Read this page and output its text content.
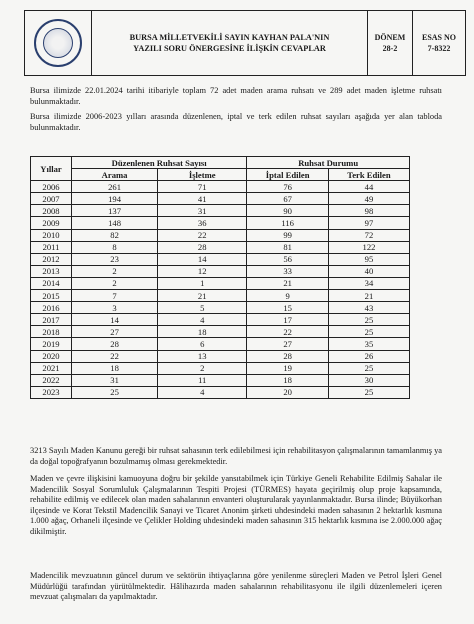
BURSA MİLLETVEKİLİ SAYIN KAYHAN PALA'NIN
YAZILI SORU ÖNERGESİNE İLİŞKİN CEVAPLAR
DÖNEM
28-2
ESAS NO
7-8322

Bursa ilimizde 22.01.2024 tarihi itibariyle toplam 72 adet maden arama ruhsatı ve 289 adet maden işletme ruhsatı bulunmaktadır.

Bursa ilimizde 2006-2023 yılları arasında düzenlenen, iptal ve terk edilen ruhsat sayıları aşağıda yer alan tabloda bulunmaktadır.

Yıllar	Düzenlenen Ruhsat Sayısı		Ruhsat Durumu	
	Arama	İşletme	İptal Edilen	Terk Edilen
2006	261	71	76	44
2007	194	41	67	49
2008	137	31	90	98
2009	148	36	116	97
2010	82	22	99	72
2011	8	28	81	122
2012	23	14	56	95
2013	2	12	33	40
2014	2	1	21	34
2015	7	21	9	21
2016	3	5	15	43
2017	14	4	17	25
2018	27	18	22	25
2019	28	6	27	35
2020	22	13	28	26
2021	18	2	19	25
2022	31	11	18	30
2023	25	4	20	25

3213 Sayılı Maden Kanunu gereği bir ruhsat sahasının terk edilebilmesi için rehabilitasyon çalışmalarının tamamlanmış ya da doğal topoğrafyanın bozulmamış olması gerekmektedir.

Maden ve çevre ilişkisini kamuoyuna doğru bir şekilde yansıtabilmek için Türkiye Geneli Rehabilite Edilmiş Sahalar ile Madencilik Sosyal Sorumluluk Çalışmalarının Tespiti Projesi (TÜRMES) hayata geçirilmiş olup proje kapsamında, rehabilite edilmiş ve edilecek olan maden sahalarının envanteri oluşturularak yayınlanmaktadır. Bursa ilinde; Büyükorhan ilçesinde ve Korat Tekstil Madencilik Sanayi ve Ticaret Anonim şirketi uhdesindeki maden sahasının 2 hektarlık kısmına 1.000 ağaç, Orhaneli ilçesinde ve Çelikler Holding uhdesindeki maden sahasının 315 hektarlık kısmına ise 2.000.000 ağaç dikilmiştir.

Madencilik mevzuatının güncel durum ve sektörün ihtiyaçlarına göre yenilenme süreçleri Maden ve Petrol İşleri Genel Müdürlüğü tarafından yürütülmektedir. Hâlihazırda maden sahalarının rehabilitasyonu ile ilgili düzenlemeleri içeren mevzuat çalışmaları da yapılmaktadır.
